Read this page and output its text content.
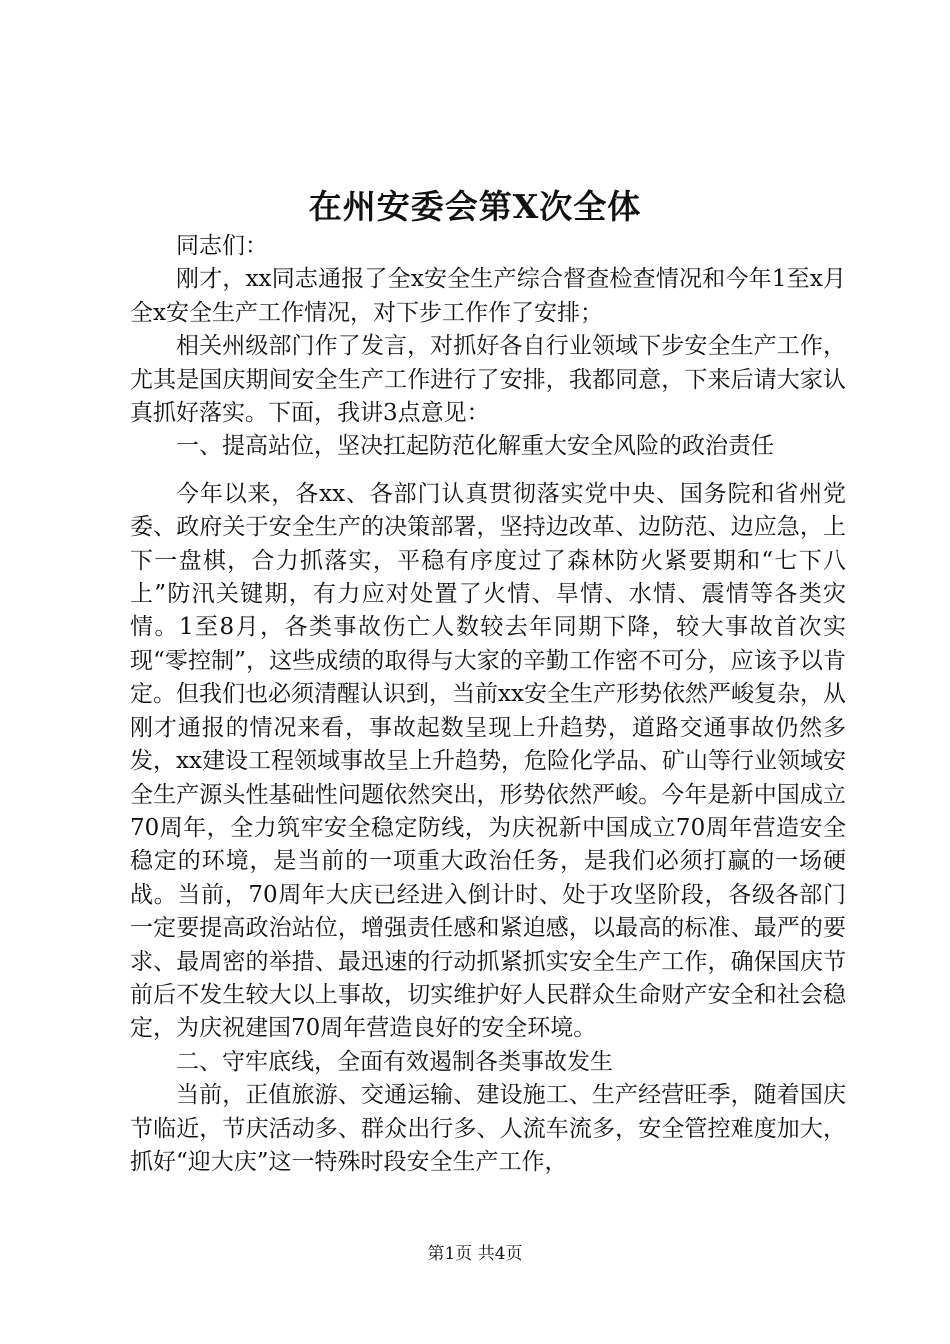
在州安委会第X次全体

同志们：

刚才，xx同志通报了全x安全生产综合督查检查情况和今年1至x月全x安全生产工作情况，对下步工作作了安排；

相关州级部门作了发言，对抓好各自行业领域下步安全生产工作，尤其是国庆期间安全生产工作进行了安排，我都同意，下来后请大家认真抓好落实。下面，我讲3点意见：

一、提高站位，坚决扛起防范化解重大安全风险的政治责任

今年以来，各xx、各部门认真贯彻落实党中央、国务院和省州党委、政府关于安全生产的决策部署，坚持边改革、边防范、边应急，上下一盘棋，合力抓落实，平稳有序度过了森林防火紧要期和“七下八上”防汛关键期，有力应对处置了火情、旱情、水情、震情等各类灾情。1至8月，各类事故伤亡人数较去年同期下降，较大事故首次实现“零控制”，这些成绩的取得与大家的辛勤工作密不可分，应该予以肯定。但我们也必须清醒认识到，当前xx安全生产形势依然严峻复杂，从刚才通报的情况来看，事故起数呈现上升趋势，道路交通事故仍然多发，xx建设工程领域事故呈上升趋势，危险化学品、矿山等行业领域安全生产源头性基础性问题依然突出，形势依然严峻。今年是新中国成立70周年，全力筑牢安全稳定防线，为庆祝新中国成立70周年营造安全稳定的环境，是当前的一项重大政治任务，是我们必须打赢的一场硬战。当前，70周年大庆已经进入倒计时、处于攻坚阶段，各级各部门一定要提高政治站位，增强责任感和紧迫感，以最高的标准、最严的要求、最周密的举措、最迅速的行动抓紧抓实安全生产工作，确保国庆节前后不发生较大以上事故，切实维护好人民群众生命财产安全和社会稳定，为庆祝建国70周年营造良好的安全环境。

二、守牢底线，全面有效遏制各类事故发生

当前，正值旅游、交通运输、建设施工、生产经营旺季，随着国庆节临近，节庆活动多、群众出行多、人流车流多，安全管控难度加大，抓好“迎大庆”这一特殊时段安全生产工作，

第1页 共4页
